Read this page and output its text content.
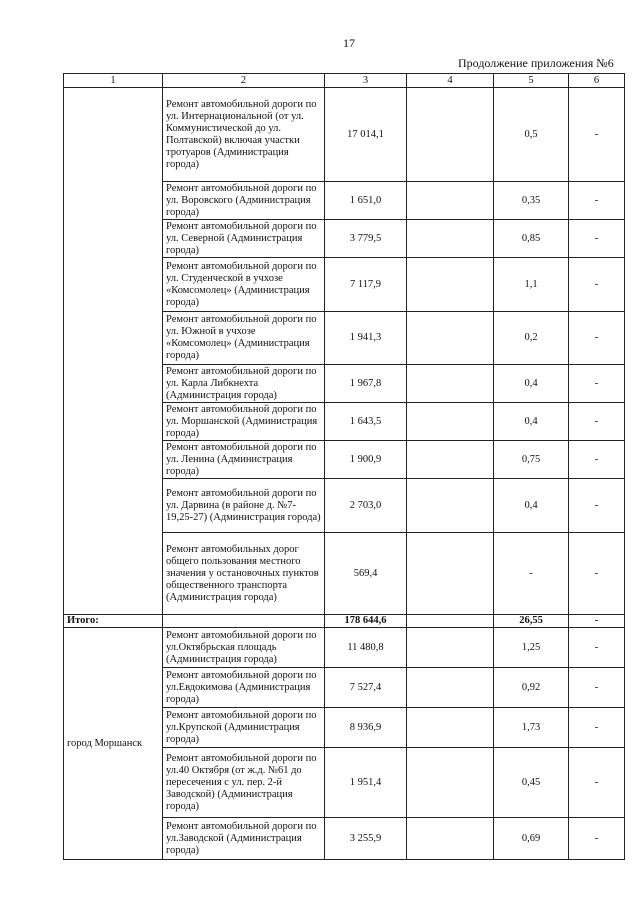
17
Продолжение приложения №6
1	2	3	4	5	6
	Ремонт автомобильной дороги по ул. Интернациональной (от ул. Коммунистической до ул. Полтавской) включая участки тротуаров (Администрация города)	17 014,1		0,5	-
	Ремонт автомобильной дороги по ул. Воровского (Администрация города)	1 651,0		0,35	-
	Ремонт автомобильной дороги по ул. Северной (Администрация города)	3 779,5		0,85	-
	Ремонт автомобильной дороги по ул. Студенческой в учхозе «Комсомолец» (Администрация города)	7 117,9		1,1	-
	Ремонт автомобильной дороги по ул. Южной в учхозе «Комсомолец» (Администрация города)	1 941,3		0,2	-
	Ремонт автомобильной дороги по ул. Карла Либкнехта (Администрация города)	1 967,8		0,4	-
	Ремонт автомобильной дороги по ул. Моршанской (Администрация города)	1 643,5		0,4	-
	Ремонт автомобильной дороги по ул. Ленина (Администрация города)	1 900,9		0,75	-
	Ремонт автомобильной дороги по ул. Дарвина (в районе д. №7-19,25-27) (Администрация города)	2 703,0		0,4	-
	Ремонт автомобильных дорог общего пользования местного значения у остановочных пунктов общественного транспорта (Администрация города)	569,4		-	-
Итого:		178 644,6		26,55	-
город Моршанск	Ремонт автомобильной дороги по ул.Октябрьская площадь (Администрация города)	11 480,8		1,25	-
	Ремонт автомобильной дороги по ул.Евдокимова (Администрация города)	7 527,4		0,92	-
	Ремонт автомобильной дороги по ул.Крупской (Администрация города)	8 936,9		1,73	-
	Ремонт автомобильной дороги по ул.40 Октября (от ж.д. №61 до пересечения с ул. пер. 2-й Заводской) (Администрация города)	1 951,4		0,45	-
	Ремонт автомобильной дороги по ул.Заводской (Администрация города)	3 255,9		0,69	-
